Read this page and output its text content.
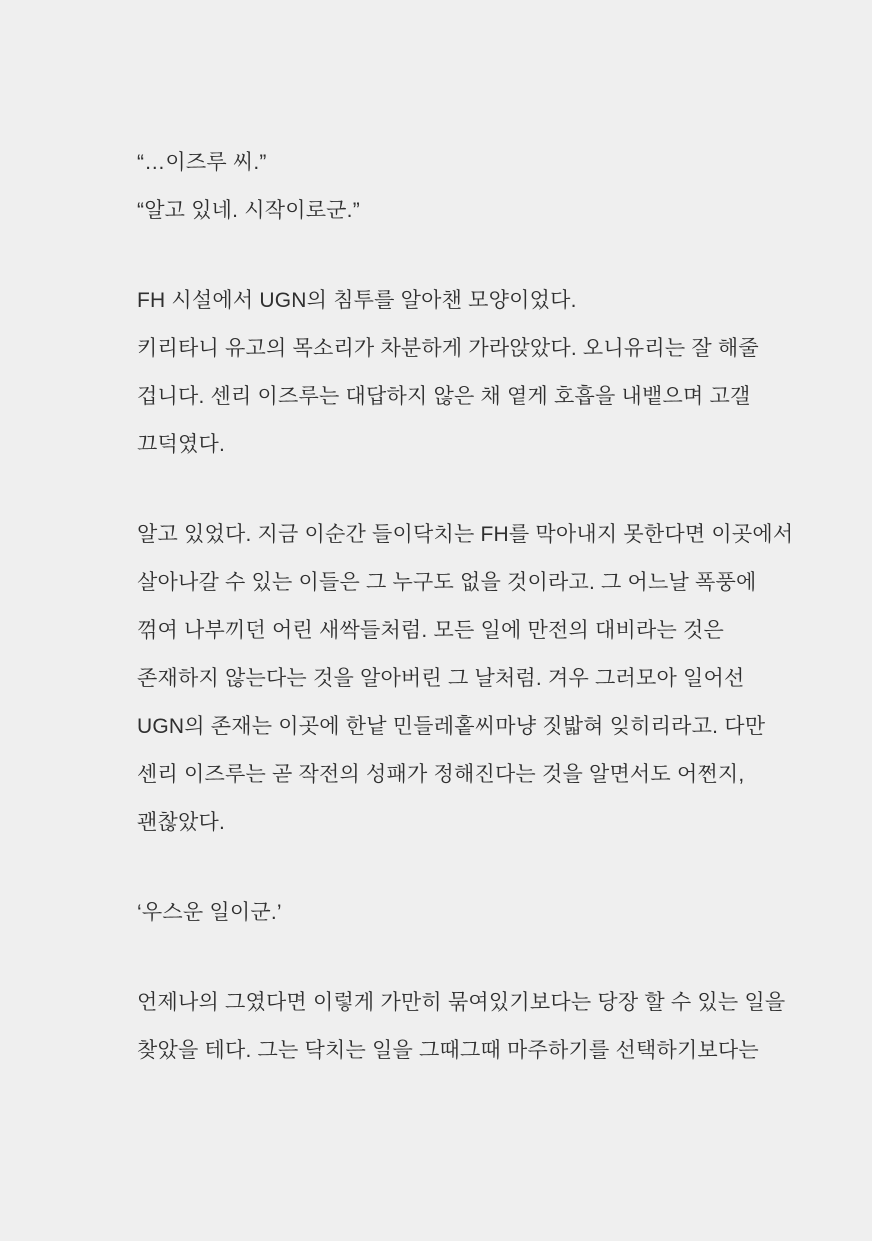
“…이즈루 씨.”

“알고 있네. 시작이로군.”

FH 시설에서 UGN의 침투를 알아챈 모양이었다.

키리타니 유고의 목소리가 차분하게 가라앉았다. 오니유리는 잘 해줄

겁니다. 센리 이즈루는 대답하지 않은 채 옅게 호흡을 내뱉으며 고갤

끄덕였다.

알고 있었다. 지금 이순간 들이닥치는 FH를 막아내지 못한다면 이곳에서

살아나갈 수 있는 이들은 그 누구도 없을 것이라고. 그 어느날 폭풍에

꺾여 나부끼던 어린 새싹들처럼. 모든 일에 만전의 대비라는 것은

존재하지 않는다는 것을 알아버린 그 날처럼. 겨우 그러모아 일어선

UGN의 존재는 이곳에 한낱 민들레홑씨마냥 짓밟혀 잊히리라고. 다만

센리 이즈루는 곧 작전의 성패가 정해진다는 것을 알면서도 어쩐지,

괜찮았다.

‘우스운 일이군.’

언제나의 그였다면 이렇게 가만히 묶여있기보다는 당장 할 수 있는 일을

찾았을 테다. 그는 닥치는 일을 그때그때 마주하기를 선택하기보다는
